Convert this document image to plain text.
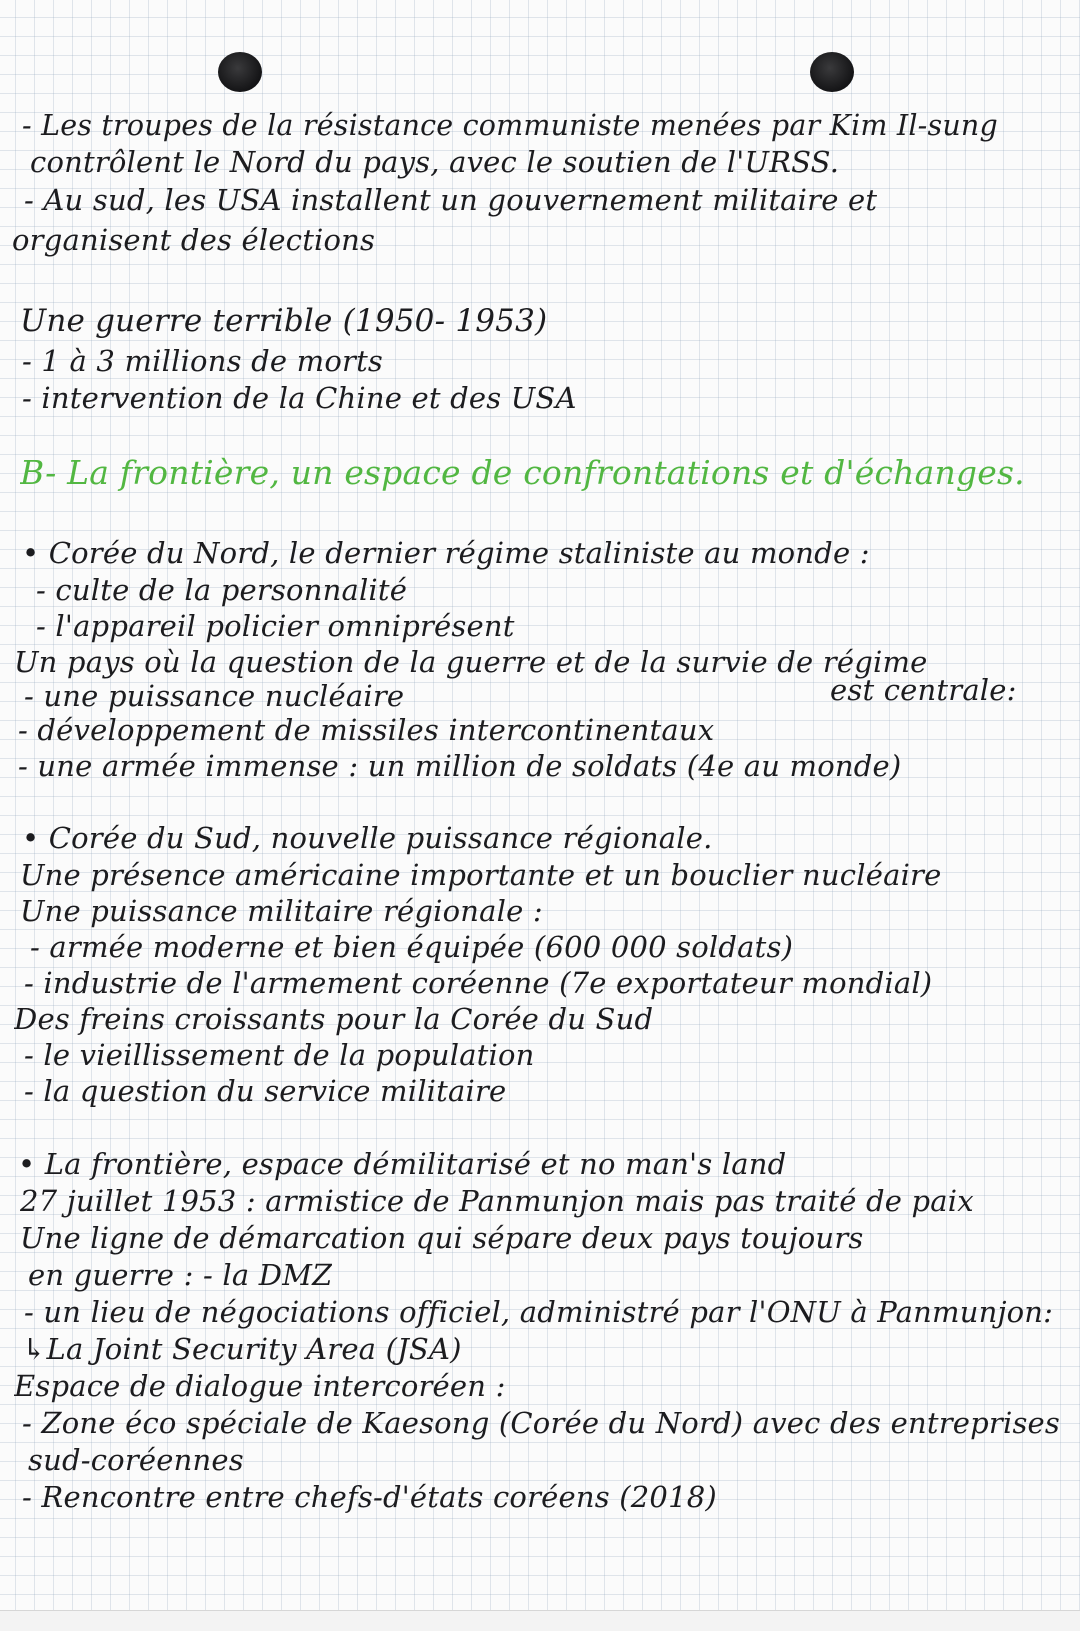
- Les troupes de la résistance communiste menées par Kim Il-sung
contrôlent le Nord du pays, avec le soutien de l'URSS.
- Au sud, les USA installent un gouvernement militaire et
organisent des élections
Une guerre terrible (1950- 1953)
- 1 à 3 millions de morts
- intervention de la Chine et des USA
B- La frontière, un espace de confrontations et d'échanges.
• Corée du Nord, le dernier régime staliniste au monde :
- culte de la personnalité
- l'appareil policier omniprésent
Un pays où la question de la guerre et de la survie de régime
- une puissance nucléaire	est centrale:
- développement de missiles intercontinentaux
- une armée immense : un million de soldats (4e au monde)
• Corée du Sud, nouvelle puissance régionale.
Une présence américaine importante et un bouclier nucléaire
Une puissance militaire régionale :
- armée moderne et bien équipée (600 000 soldats)
- industrie de l'armement coréenne (7e exportateur mondial)
Des freins croissants pour la Corée du Sud
- le vieillissement de la population
- la question du service militaire
• La frontière, espace démilitarisé et no man's land
27 juillet 1953 : armistice de Panmunjon mais pas traité de paix
Une ligne de démarcation qui sépare deux pays toujours
en guerre : - la DMZ
- un lieu de négociations officiel, administré par l'ONU à Panmunjon:
↳La Joint Security Area (JSA)
Espace de dialogue intercoréen :
- Zone éco spéciale de Kaesong (Corée du Nord) avec des entreprises
sud-coréennes
- Rencontre entre chefs-d'états coréens (2018)
